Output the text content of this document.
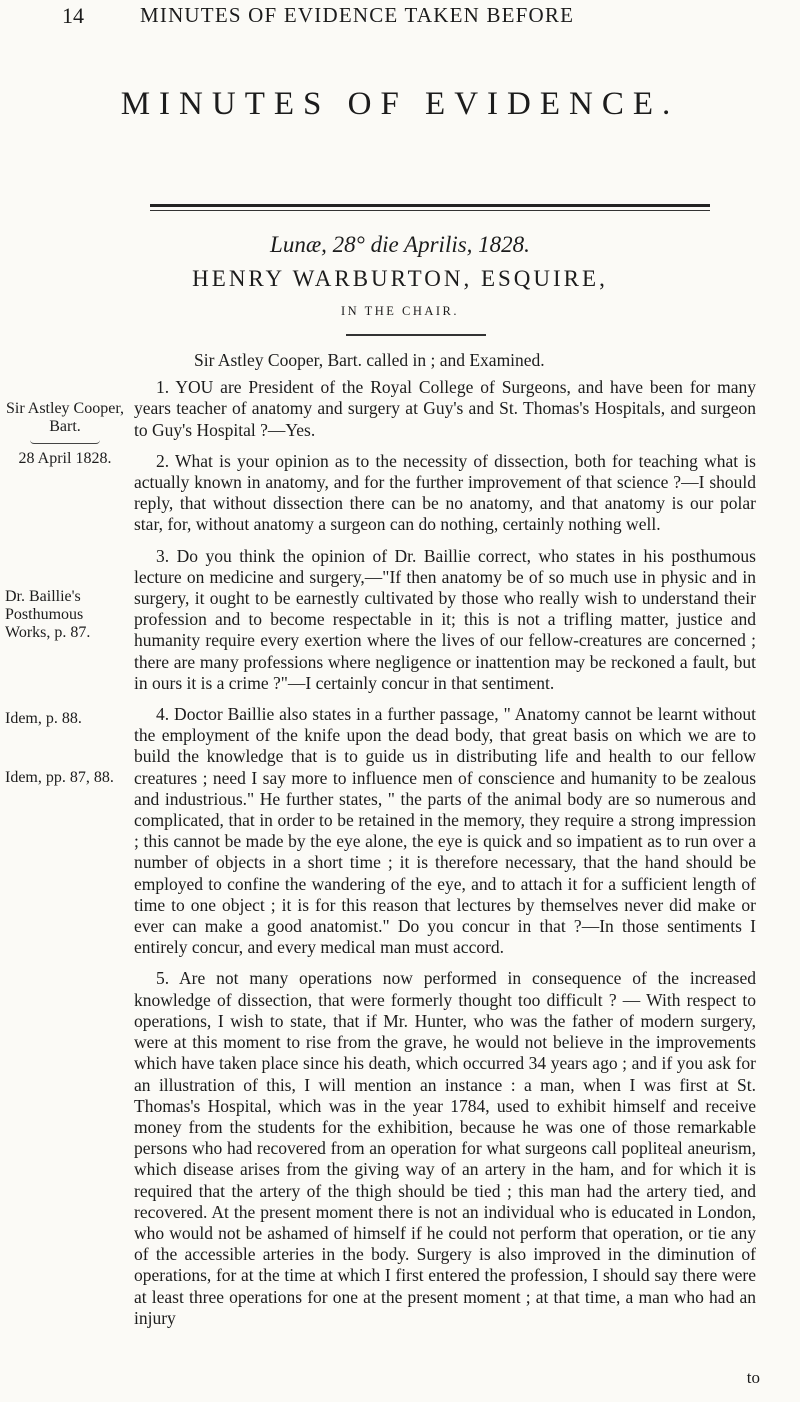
14	MINUTES OF EVIDENCE TAKEN BEFORE
MINUTES OF EVIDENCE.
Lunæ, 28° die Aprilis, 1828.
HENRY WARBURTON, ESQUIRE,
IN THE CHAIR.
Sir Astley Cooper, Bart.
28 April 1828.
Dr. Baillie's Posthumous Works, p. 87.
Idem, p. 88.
Idem, pp. 87, 88.

Sir Astley Cooper, Bart. called in ; and Examined.

1. YOU are President of the Royal College of Surgeons, and have been for many years teacher of anatomy and surgery at Guy's and St. Thomas's Hospitals, and surgeon to Guy's Hospital ?—Yes.

2. What is your opinion as to the necessity of dissection, both for teaching what is actually known in anatomy, and for the further improvement of that science ?—I should reply, that without dissection there can be no anatomy, and that anatomy is our polar star, for, without anatomy a surgeon can do nothing, certainly nothing well.

3. Do you think the opinion of Dr. Baillie correct, who states in his posthumous lecture on medicine and surgery,—"If then anatomy be of so much use in physic and in surgery, it ought to be earnestly cultivated by those who really wish to understand their profession and to become respectable in it; this is not a trifling matter, justice and humanity require every exertion where the lives of our fellow-creatures are concerned ; there are many professions where negligence or inattention may be reckoned a fault, but in ours it is a crime ?"—I certainly concur in that sentiment.

4. Doctor Baillie also states in a further passage, " Anatomy cannot be learnt without the employment of the knife upon the dead body, that great basis on which we are to build the knowledge that is to guide us in distributing life and health to our fellow creatures ; need I say more to influence men of conscience and humanity to be zealous and industrious." He further states, " the parts of the animal body are so numerous and complicated, that in order to be retained in the memory, they require a strong impression ; this cannot be made by the eye alone, the eye is quick and so impatient as to run over a number of objects in a short time ; it is therefore necessary, that the hand should be employed to confine the wandering of the eye, and to attach it for a sufficient length of time to one object ; it is for this reason that lectures by themselves never did make or ever can make a good anatomist." Do you concur in that ?—In those sentiments I entirely concur, and every medical man must accord.

5. Are not many operations now performed in consequence of the increased knowledge of dissection, that were formerly thought too difficult ? — With respect to operations, I wish to state, that if Mr. Hunter, who was the father of modern surgery, were at this moment to rise from the grave, he would not believe in the improvements which have taken place since his death, which occurred 34 years ago ; and if you ask for an illustration of this, I will mention an instance : a man, when I was first at St. Thomas's Hospital, which was in the year 1784, used to exhibit himself and receive money from the students for the exhibition, because he was one of those remarkable persons who had recovered from an operation for what surgeons call popliteal aneurism, which disease arises from the giving way of an artery in the ham, and for which it is required that the artery of the thigh should be tied ; this man had the artery tied, and recovered. At the present moment there is not an individual who is educated in London, who would not be ashamed of himself if he could not perform that operation, or tie any of the accessible arteries in the body. Surgery is also improved in the diminution of operations, for at the time at which I first entered the profession, I should say there were at least three operations for one at the present moment ; at that time, a man who had an injury

to
